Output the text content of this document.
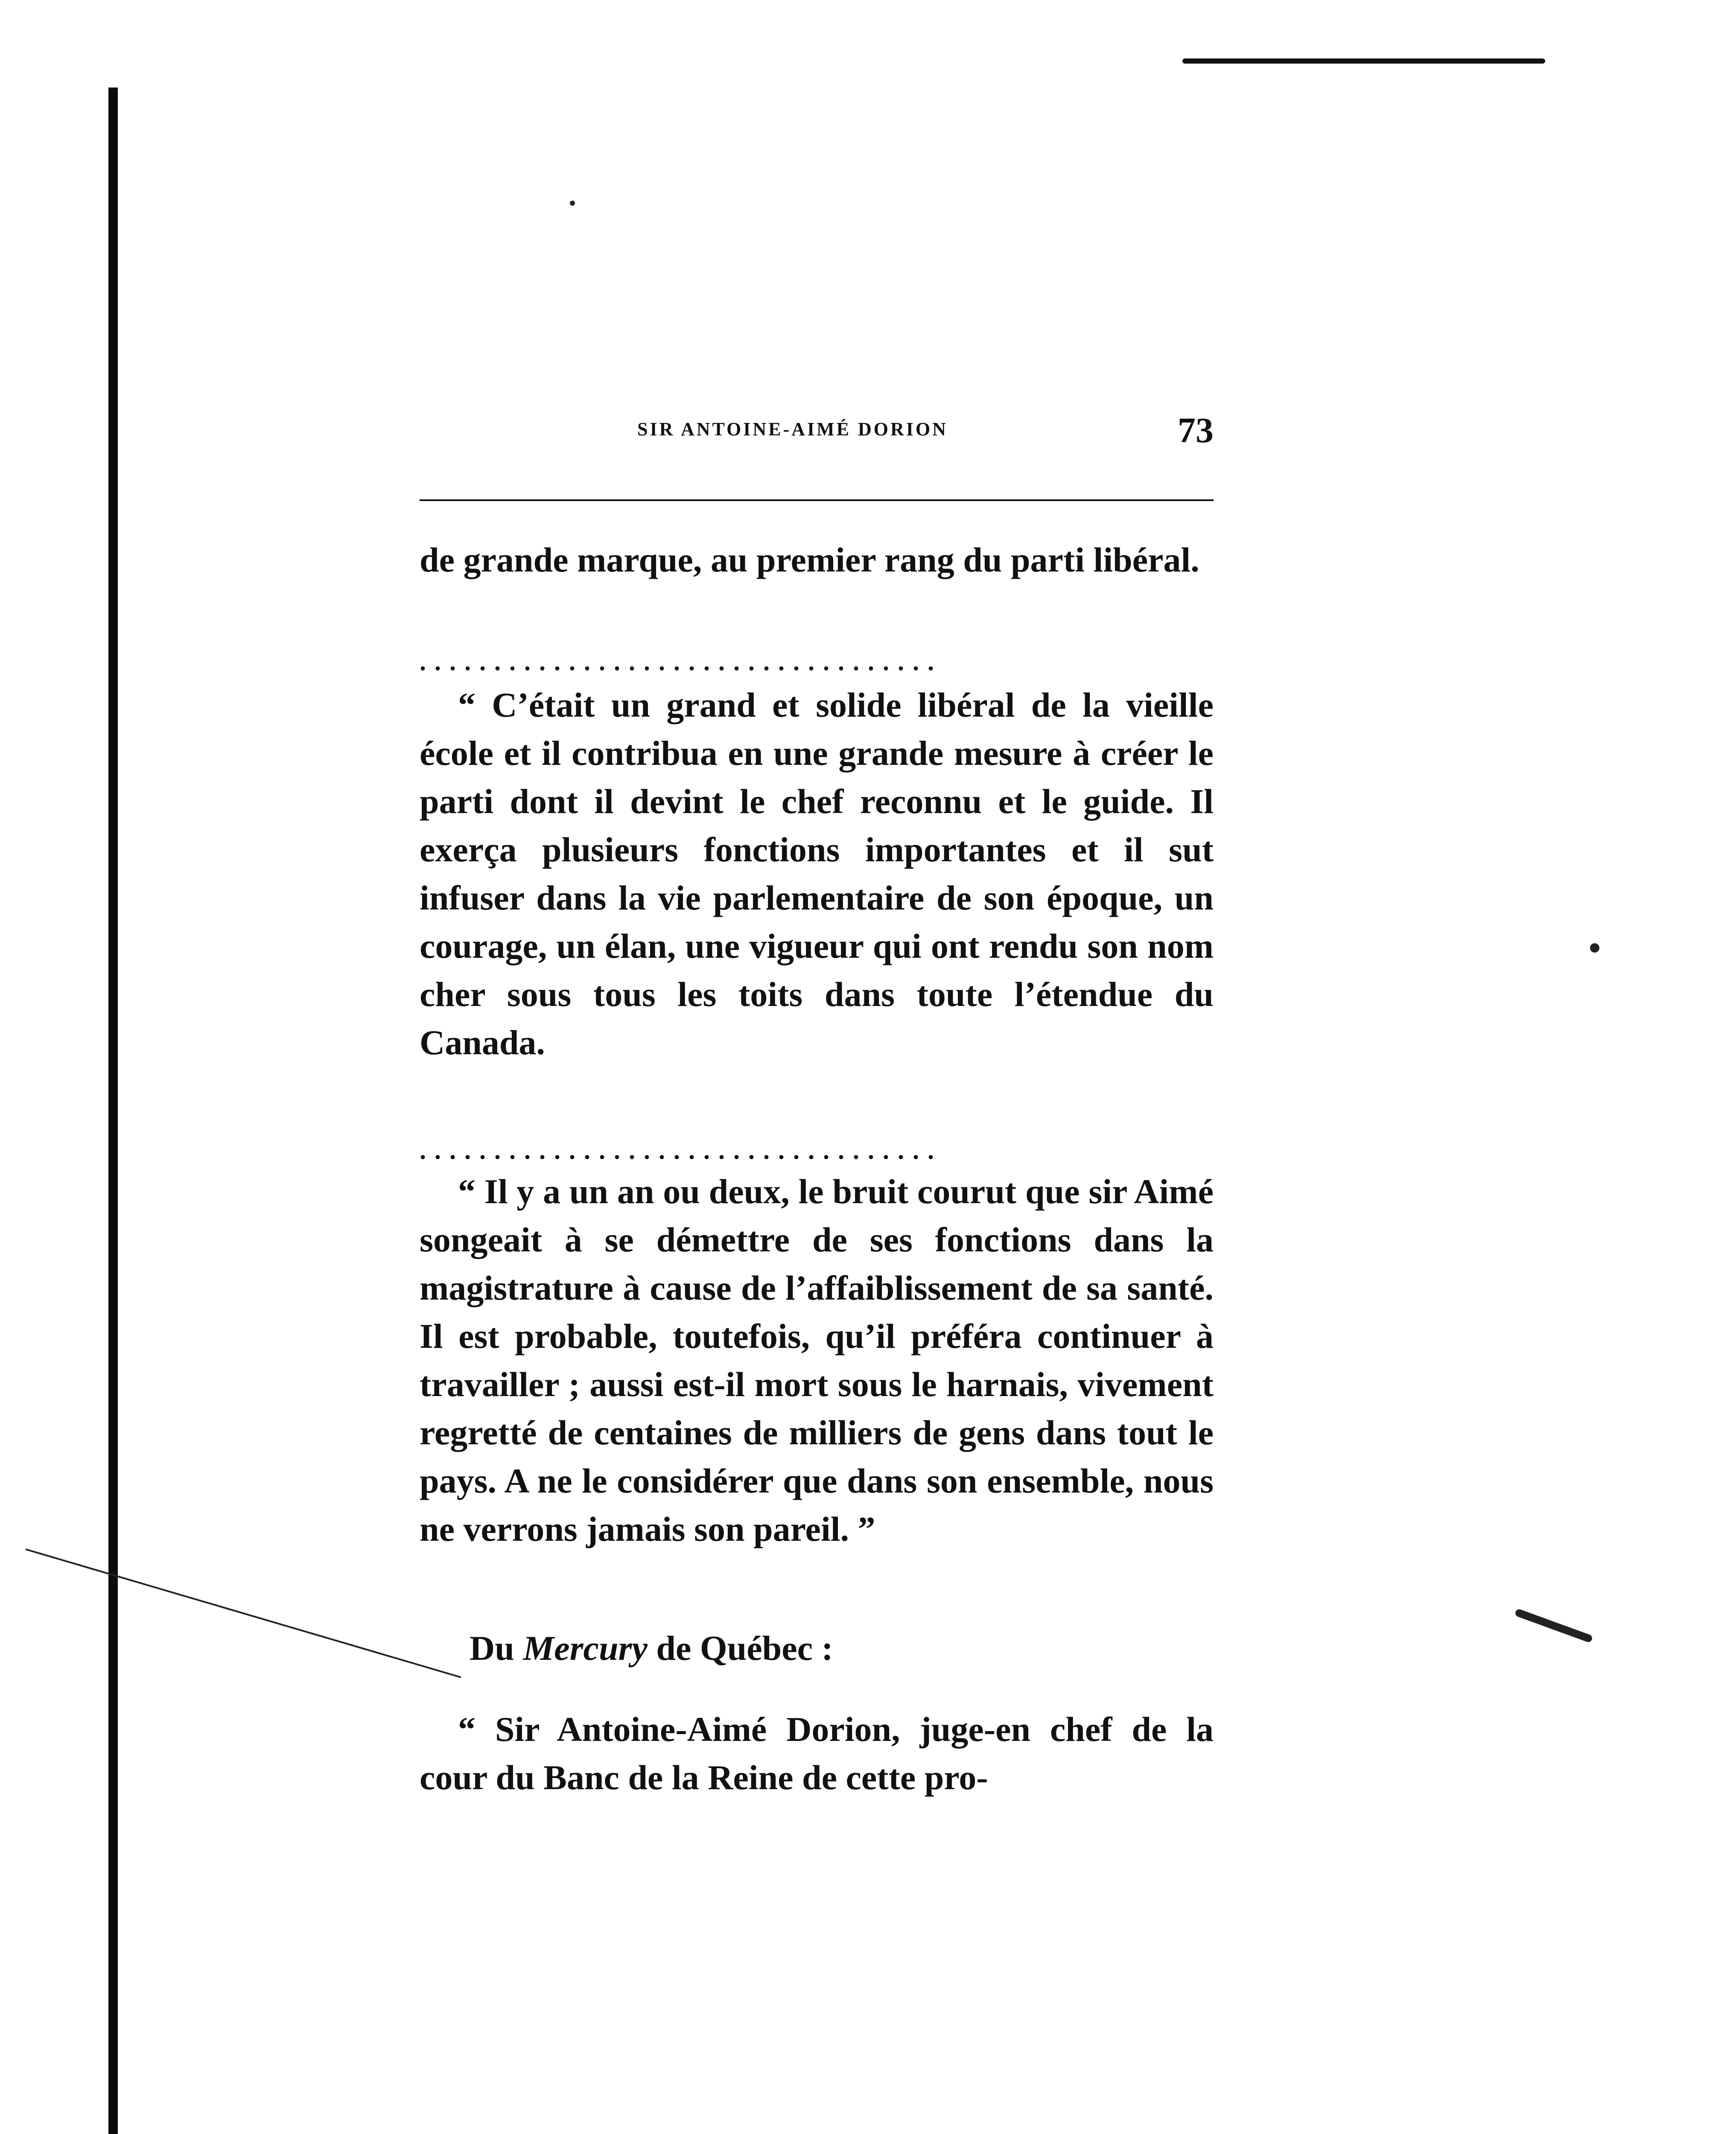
SIR ANTOINE-AIMÉ DORION	73

de grande marque, au premier rang du parti libéral.

...................................

“ C’était un grand et solide libéral de la vieille école et il contribua en une grande mesure à créer le parti dont il devint le chef reconnu et le guide. Il exerça plusieurs fonctions importantes et il sut infuser dans la vie parlementaire de son époque, un courage, un élan, une vigueur qui ont rendu son nom cher sous tous les toits dans toute l’étendue du Canada.

...................................

“ Il y a un an ou deux, le bruit courut que sir Aimé songeait à se démettre de ses fonctions dans la magistrature à cause de l’affaiblissement de sa santé. Il est probable, toutefois, qu’il préféra continuer à travailler ; aussi est-il mort sous le harnais, vivement regretté de centaines de milliers de gens dans tout le pays. A ne le considérer que dans son ensemble, nous ne verrons jamais son pareil. ”

Du Mercury de Québec :

“ Sir Antoine-Aimé Dorion, juge-en chef de la cour du Banc de la Reine de cette pro-
